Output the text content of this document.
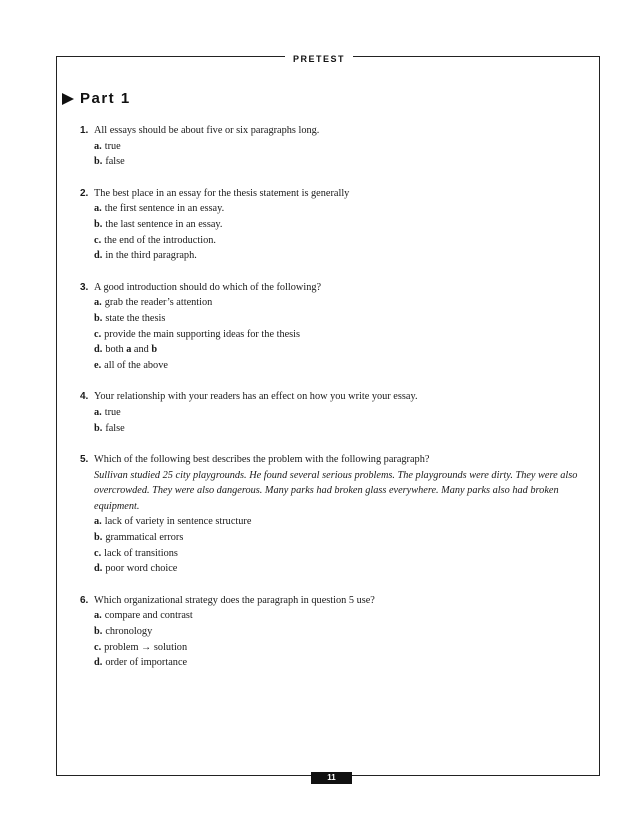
PRETEST
Part 1
1. All essays should be about five or six paragraphs long.
a. true
b. false
2. The best place in an essay for the thesis statement is generally
a. the first sentence in an essay.
b. the last sentence in an essay.
c. the end of the introduction.
d. in the third paragraph.
3. A good introduction should do which of the following?
a. grab the reader’s attention
b. state the thesis
c. provide the main supporting ideas for the thesis
d. both a and b
e. all of the above
4. Your relationship with your readers has an effect on how you write your essay.
a. true
b. false
5. Which of the following best describes the problem with the following paragraph?
Sullivan studied 25 city playgrounds. He found several serious problems. The playgrounds were dirty. They were also overcrowded. They were also dangerous. Many parks had broken glass everywhere. Many parks also had broken equipment.
a. lack of variety in sentence structure
b. grammatical errors
c. lack of transitions
d. poor word choice
6. Which organizational strategy does the paragraph in question 5 use?
a. compare and contrast
b. chronology
c. problem → solution
d. order of importance
11
